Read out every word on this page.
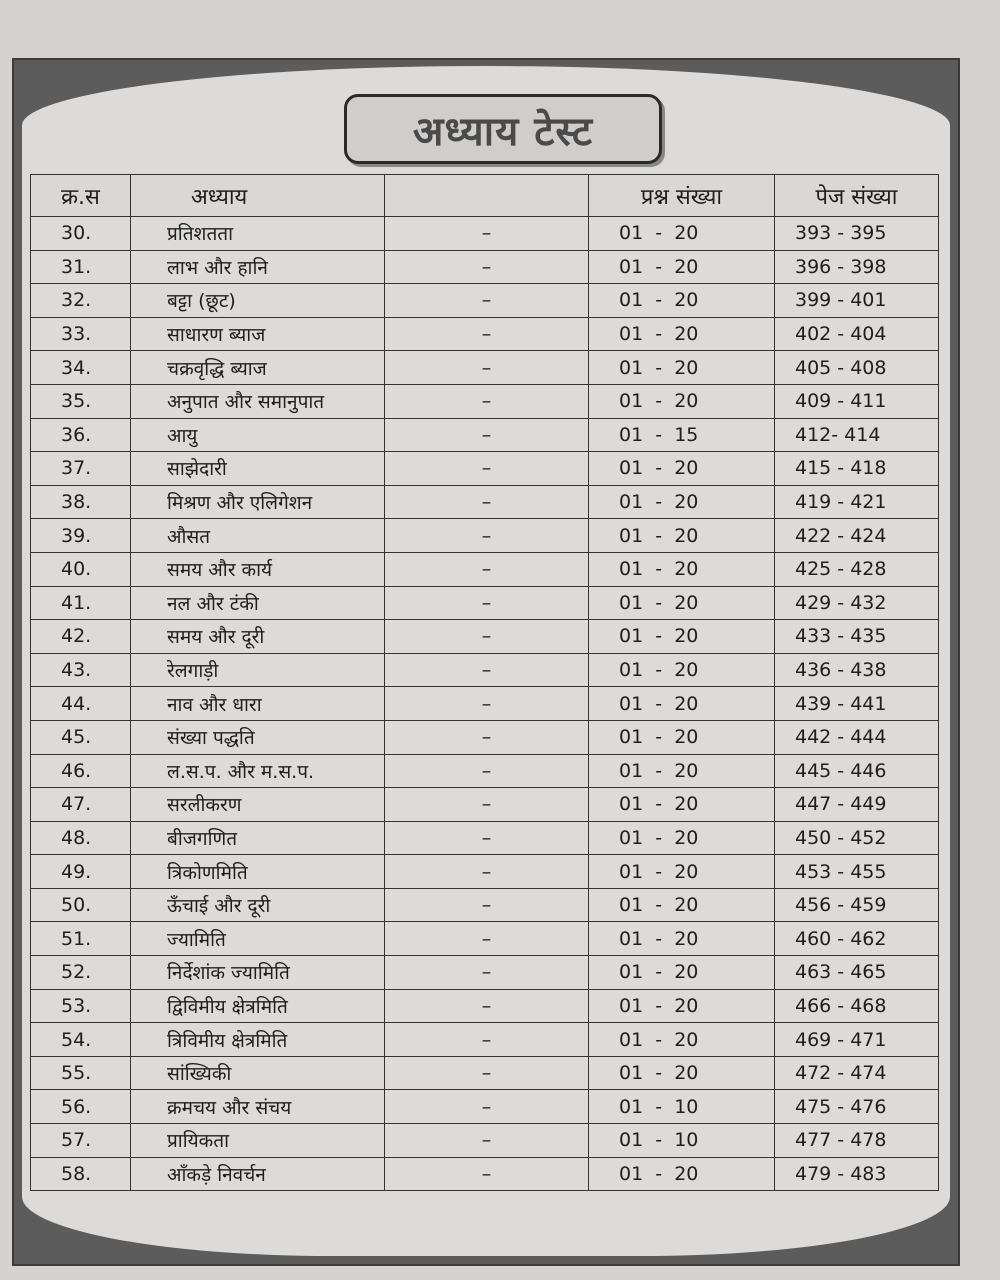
अध्याय टेस्ट
क्र.स	अध्याय		प्रश्न संख्या	पेज संख्या
30.	प्रतिशतता	–	01  -  20	393 - 395
31.	लाभ और हानि	–	01  -  20	396 - 398
32.	बट्टा (छूट)	–	01  -  20	399 - 401
33.	साधारण ब्याज	–	01  -  20	402 - 404
34.	चक्रवृद्धि ब्याज	–	01  -  20	405 - 408
35.	अनुपात और समानुपात	–	01  -  20	409 - 411
36.	आयु	–	01  -  15	412- 414
37.	साझेदारी	–	01  -  20	415 - 418
38.	मिश्रण और एलिगेशन	–	01  -  20	419 - 421
39.	औसत	–	01  -  20	422 - 424
40.	समय और कार्य	–	01  -  20	425 - 428
41.	नल और टंकी	–	01  -  20	429 - 432
42.	समय और दूरी	–	01  -  20	433 - 435
43.	रेलगाड़ी	–	01  -  20	436 - 438
44.	नाव और धारा	–	01  -  20	439 - 441
45.	संख्या पद्धति	–	01  -  20	442 - 444
46.	ल.स.प. और म.स.प.	–	01  -  20	445 - 446
47.	सरलीकरण	–	01  -  20	447 - 449
48.	बीजगणित	–	01  -  20	450 - 452
49.	त्रिकोणमिति	–	01  -  20	453 - 455
50.	ऊँचाई और दूरी	–	01  -  20	456 - 459
51.	ज्यामिति	–	01  -  20	460 - 462
52.	निर्देशांक ज्यामिति	–	01  -  20	463 - 465
53.	द्विविमीय क्षेत्रमिति	–	01  -  20	466 - 468
54.	त्रिविमीय क्षेत्रमिति	–	01  -  20	469 - 471
55.	सांख्यिकी	–	01  -  20	472 - 474
56.	क्रमचय और संचय	–	01  -  10	475 - 476
57.	प्रायिकता	–	01  -  10	477 - 478
58.	आँकड़े निवर्चन	–	01  -  20	479 - 483
